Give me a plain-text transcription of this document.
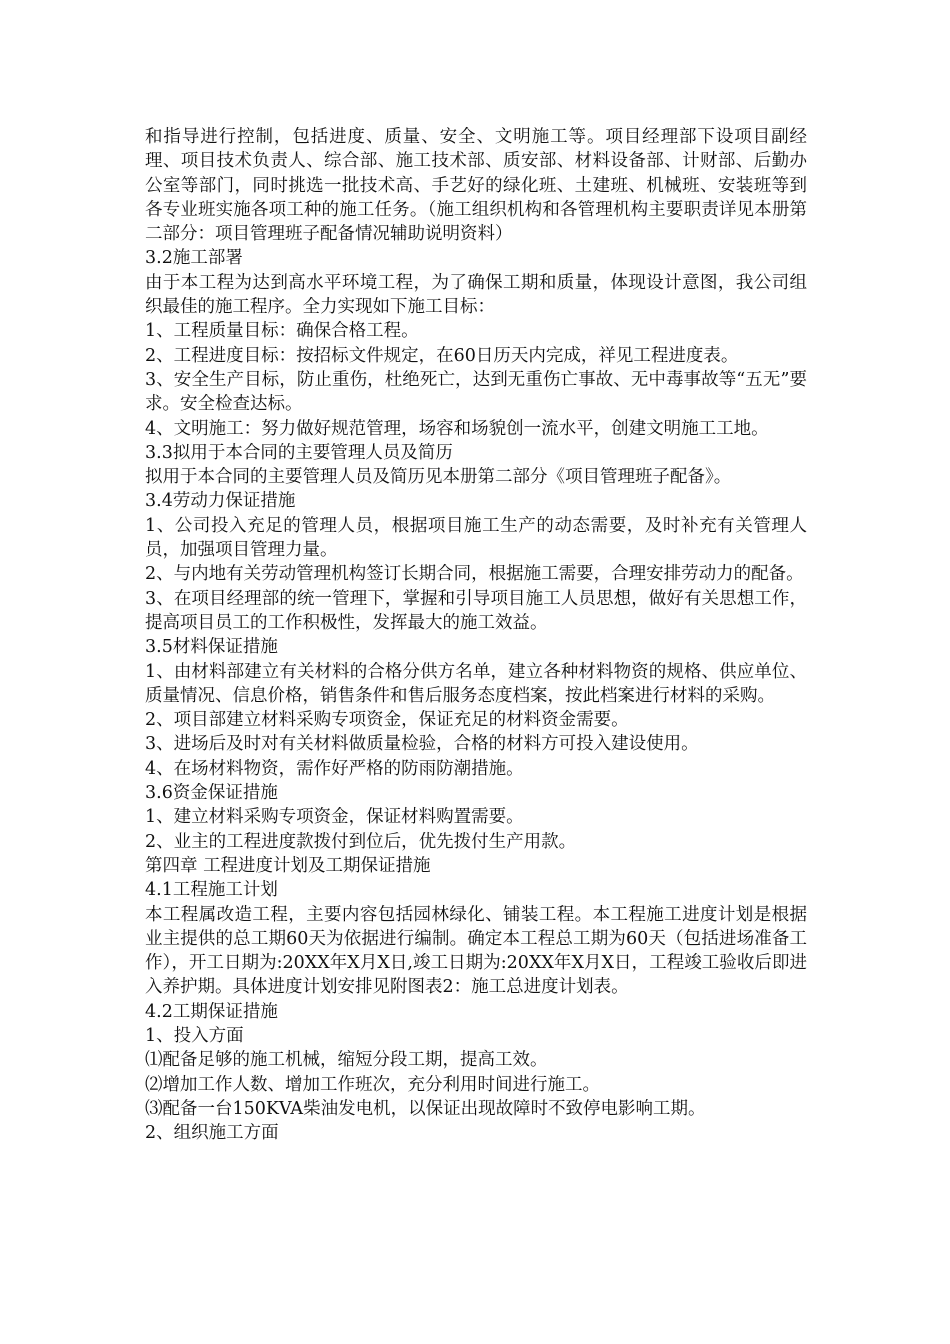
和指导进行控制，包括进度、质量、安全、文明施工等。项目经理部下设项目副经理、项目技术负责人、综合部、施工技术部、质安部、材料设备部、计财部、后勤办公室等部门，同时挑选一批技术高、手艺好的绿化班、土建班、机械班、安装班等到各专业班实施各项工种的施工任务。（施工组织机构和各管理机构主要职责详见本册第二部分：项目管理班子配备情况辅助说明资料）

3.2施工部署

由于本工程为达到高水平环境工程，为了确保工期和质量，体现设计意图，我公司组织最佳的施工程序。全力实现如下施工目标：

1、工程质量目标：确保合格工程。

2、工程进度目标：按招标文件规定，在60日历天内完成，祥见工程进度表。

3、安全生产目标，防止重伤，杜绝死亡，达到无重伤亡事故、无中毒事故等“五无”要求。安全检查达标。

4、文明施工：努力做好规范管理，场容和场貌创一流水平，创建文明施工工地。

3.3拟用于本合同的主要管理人员及简历

拟用于本合同的主要管理人员及简历见本册第二部分《项目管理班子配备》。

3.4劳动力保证措施

1、公司投入充足的管理人员，根据项目施工生产的动态需要，及时补充有关管理人员，加强项目管理力量。

2、与内地有关劳动管理机构签订长期合同，根据施工需要，合理安排劳动力的配备。

3、在项目经理部的统一管理下，掌握和引导项目施工人员思想，做好有关思想工作，提高项目员工的工作积极性，发挥最大的施工效益。

3.5材料保证措施

1、由材料部建立有关材料的合格分供方名单，建立各种材料物资的规格、供应单位、质量情况、信息价格，销售条件和售后服务态度档案，按此档案进行材料的采购。

2、项目部建立材料采购专项资金，保证充足的材料资金需要。

3、进场后及时对有关材料做质量检验，合格的材料方可投入建设使用。

4、在场材料物资，需作好严格的防雨防潮措施。

3.6资金保证措施

1、建立材料采购专项资金，保证材料购置需要。

2、业主的工程进度款拨付到位后，优先拨付生产用款。

第四章 工程进度计划及工期保证措施

4.1工程施工计划

本工程属改造工程，主要内容包括园林绿化、铺装工程。本工程施工进度计划是根据业主提供的总工期60天为依据进行编制。确定本工程总工期为60天（包括进场准备工作），开工日期为:20XX年X月X日,竣工日期为:20XX年X月X日，工程竣工验收后即进入养护期。具体进度计划安排见附图表2：施工总进度计划表。

4.2工期保证措施

1、投入方面

⑴配备足够的施工机械，缩短分段工期，提高工效。

⑵增加工作人数、增加工作班次，充分利用时间进行施工。

⑶配备一台150KVA柴油发电机，以保证出现故障时不致停电影响工期。

2、组织施工方面
